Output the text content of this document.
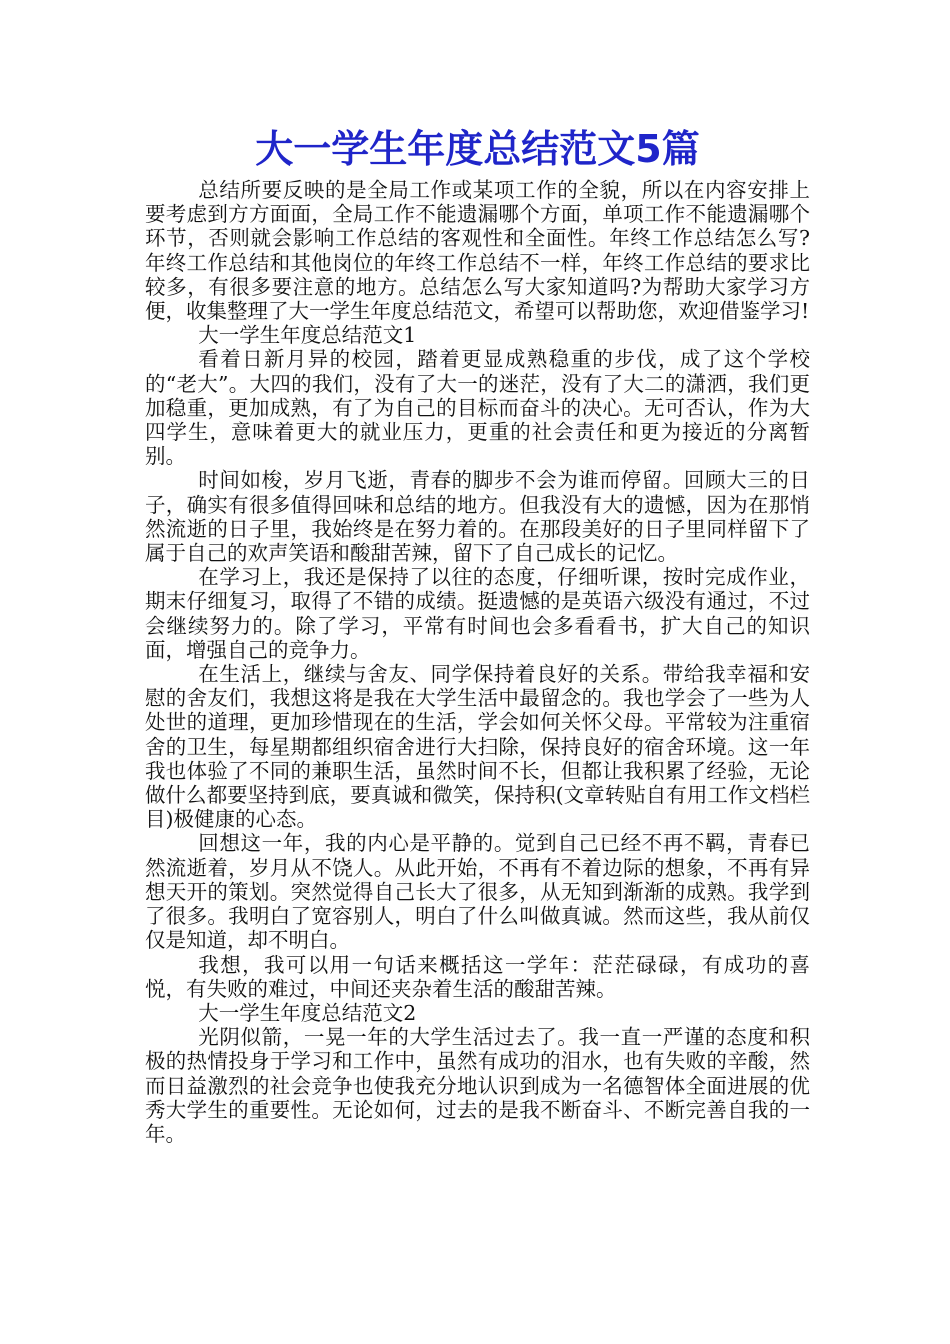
大一学生年度总结范文5篇

总结所要反映的是全局工作或某项工作的全貌，所以在内容安排上要考虑到方方面面，全局工作不能遗漏哪个方面，单项工作不能遗漏哪个环节，否则就会影响工作总结的客观性和全面性。年终工作总结怎么写?年终工作总结和其他岗位的年终工作总结不一样，年终工作总结的要求比较多，有很多要注意的地方。总结怎么写大家知道吗?为帮助大家学习方便，收集整理了大一学生年度总结范文，希望可以帮助您，欢迎借鉴学习!

大一学生年度总结范文1

看着日新月异的校园，踏着更显成熟稳重的步伐，成了这个学校的“老大”。大四的我们，没有了大一的迷茫，没有了大二的潇洒，我们更加稳重，更加成熟，有了为自己的目标而奋斗的决心。无可否认，作为大四学生，意味着更大的就业压力，更重的社会责任和更为接近的分离暂别。

时间如梭，岁月飞逝，青春的脚步不会为谁而停留。回顾大三的日子，确实有很多值得回味和总结的地方。但我没有大的遗憾，因为在那悄然流逝的日子里，我始终是在努力着的。在那段美好的日子里同样留下了属于自己的欢声笑语和酸甜苦辣，留下了自己成长的记忆。

在学习上，我还是保持了以往的态度，仔细听课，按时完成作业，期末仔细复习，取得了不错的成绩。挺遗憾的是英语六级没有通过，不过会继续努力的。除了学习，平常有时间也会多看看书，扩大自己的知识面，增强自己的竞争力。

在生活上，继续与舍友、同学保持着良好的关系。带给我幸福和安慰的舍友们，我想这将是我在大学生活中最留念的。我也学会了一些为人处世的道理，更加珍惜现在的生活，学会如何关怀父母。平常较为注重宿舍的卫生，每星期都组织宿舍进行大扫除，保持良好的宿舍环境。这一年我也体验了不同的兼职生活，虽然时间不长，但都让我积累了经验，无论做什么都要坚持到底，要真诚和微笑，保持积(文章转贴自有用工作文档栏目)极健康的心态。

回想这一年，我的内心是平静的。觉到自己已经不再不羁，青春已然流逝着，岁月从不饶人。从此开始，不再有不着边际的想象，不再有异想天开的策划。突然觉得自己长大了很多，从无知到渐渐的成熟。我学到了很多。我明白了宽容别人，明白了什么叫做真诚。然而这些，我从前仅仅是知道，却不明白。

我想，我可以用一句话来概括这一学年：茫茫碌碌，有成功的喜悦，有失败的难过，中间还夹杂着生活的酸甜苦辣。

大一学生年度总结范文2

光阴似箭，一晃一年的大学生活过去了。我一直一严谨的态度和积极的热情投身于学习和工作中，虽然有成功的泪水，也有失败的辛酸，然而日益激烈的社会竞争也使我充分地认识到成为一名德智体全面进展的优秀大学生的重要性。无论如何，过去的是我不断奋斗、不断完善自我的一年。
